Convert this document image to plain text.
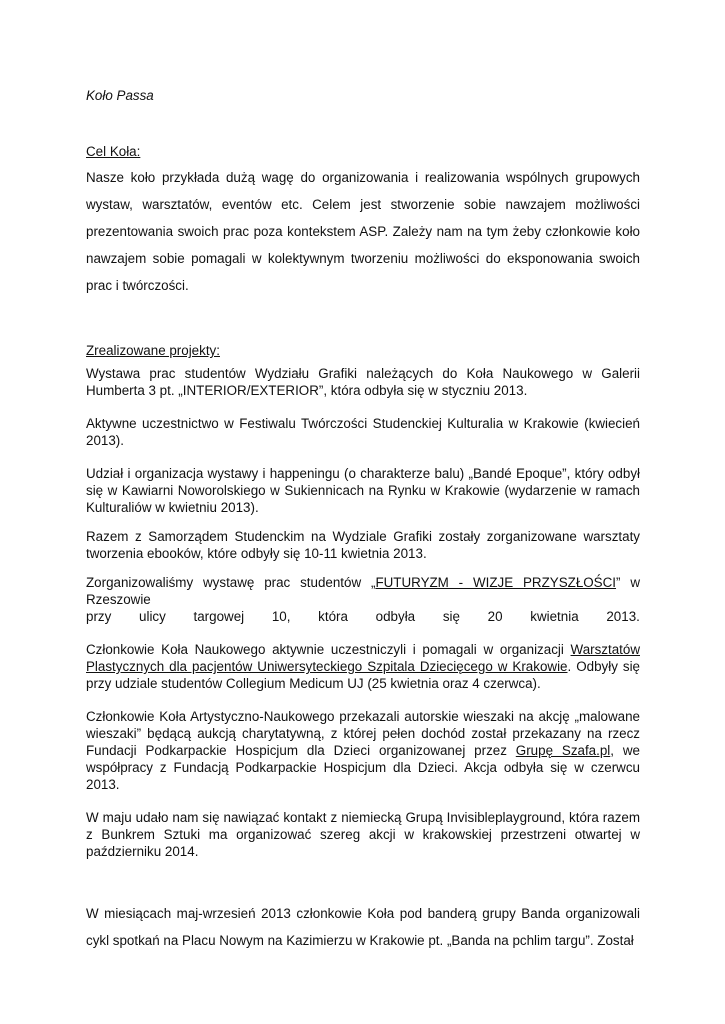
Koło Passa

Cel Koła:

Nasze koło przykłada dużą wagę do organizowania i realizowania wspólnych grupowych wystaw, warsztatów, eventów etc. Celem jest stworzenie sobie nawzajem możliwości prezentowania swoich prac poza kontekstem ASP. Zależy nam na tym żeby członkowie koło nawzajem sobie pomagali w kolektywnym tworzeniu możliwości do eksponowania swoich prac i twórczości.

Zrealizowane projekty:

Wystawa prac studentów Wydziału Grafiki należących do Koła Naukowego w Galerii Humberta 3 pt. „INTERIOR/EXTERIOR”, która odbyła się w styczniu 2013.

Aktywne uczestnictwo w Festiwalu Twórczości Studenckiej Kulturalia w Krakowie (kwiecień 2013).

Udział i organizacja wystawy i happeningu (o charakterze balu) „Bandé Epoque”, który odbył się w Kawiarni Noworolskiego w Sukiennicach na Rynku w Krakowie (wydarzenie w ramach Kulturaliów w kwietniu 2013).

Razem z Samorządem Studenckim na Wydziale Grafiki zostały zorganizowane warsztaty tworzenia ebooków, które odbyły się 10-11 kwietnia 2013.

Zorganizowaliśmy wystawę prac studentów „FUTURYZM - WIZJE PRZYSZŁOŚCI” w Rzeszowie

przy ulicy targowej 10, która odbyła się 20 kwietnia 2013.

Członkowie Koła Naukowego aktywnie uczestniczyli i pomagali w organizacji Warsztatów Plastycznych dla pacjentów Uniwersyteckiego Szpitala Dziecięcego w Krakowie. Odbyły się przy udziale studentów Collegium Medicum UJ (25 kwietnia oraz 4 czerwca).

Członkowie Koła Artystyczno-Naukowego przekazali autorskie wieszaki na akcję „malowane wieszaki” będącą aukcją charytatywną, z której pełen dochód został przekazany na rzecz Fundacji Podkarpackie Hospicjum dla Dzieci organizowanej przez Grupę Szafa.pl, we współpracy z Fundacją Podkarpackie Hospicjum dla Dzieci. Akcja odbyła się w czerwcu 2013.

W maju udało nam się nawiązać kontakt z niemiecką Grupą Invisibleplayground, która razem z Bunkrem Sztuki ma organizować szereg akcji w krakowskiej przestrzeni otwartej w październiku 2014.

W miesiącach maj-wrzesień 2013 członkowie Koła pod banderą grupy Banda organizowali cykl spotkań na Placu Nowym na Kazimierzu w Krakowie pt. „Banda na pchlim targu”. Został
